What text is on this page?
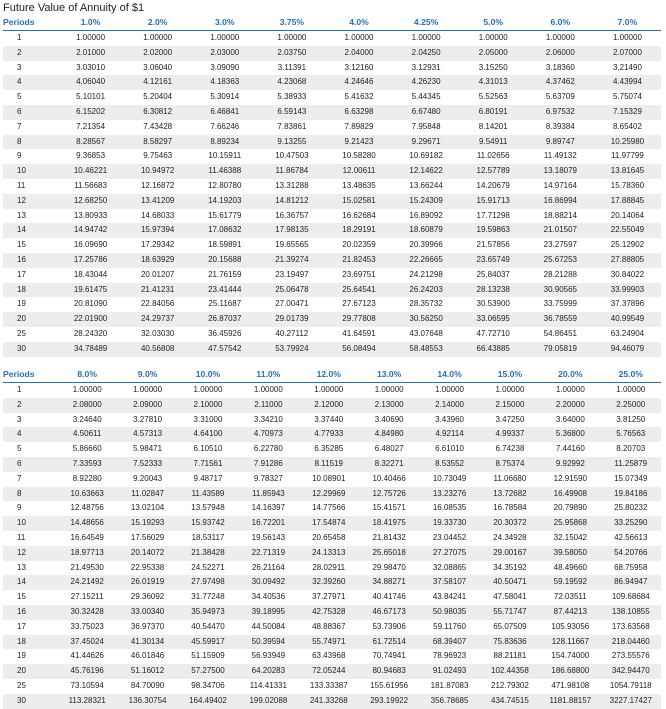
Future Value of Annuity of $1
Periods	1.0%	2.0%	3.0%	3.75%	4.0%	4.25%	5.0%	6.0%	7.0%
1	1.00000	1.00000	1.00000	1.00000	1.00000	1.00000	1.00000	1.00000	1.00000
2	2.01000	2.02000	2.03000	2.03750	2.04000	2.04250	2.05000	2.06000	2.07000
3	3.03010	3.06040	3.09090	3.11391	3.12160	3.12931	3.15250	3.18360	3.21490
4	4.06040	4.12161	4.18363	4.23068	4.24646	4.26230	4.31013	4.37462	4.43994
5	5.10101	5.20404	5.30914	5.38933	5.41632	5.44345	5.52563	5.63709	5.75074
6	6.15202	6.30812	6.46841	6.59143	6.63298	6.67480	6.80191	6.97532	7.15329
7	7.21354	7.43428	7.66246	7.83861	7.89829	7.95848	8.14201	8.39384	8.65402
8	8.28567	8.58297	8.89234	9.13255	9.21423	9.29671	9.54911	9.89747	10.25980
9	9.36853	9.75463	10.15911	10.47503	10.58280	10.69182	11.02656	11.49132	11.97799
10	10.46221	10.94972	11.46388	11.86784	12.00611	12.14622	12.57789	13.18079	13.81645
11	11.56683	12.16872	12.80780	13.31288	13.48635	13.66244	14.20679	14.97164	15.78360
12	12.68250	13.41209	14.19203	14.81212	15.02581	15.24309	15.91713	16.86994	17.88845
13	13.80933	14.68033	15.61779	16.36757	16.62684	16.89092	17.71298	18.88214	20.14064
14	14.94742	15.97394	17.08632	17.98135	18.29191	18.60879	19.59863	21.01507	22.55049
15	16.09690	17.29342	18.59891	19.65565	20.02359	20.39966	21.57856	23.27597	25.12902
16	17.25786	18.63929	20.15688	21.39274	21.82453	22.26665	23.65749	25.67253	27.88805
17	18.43044	20.01207	21.76159	23.19497	23.69751	24.21298	25.84037	28.21288	30.84022
18	19.61475	21.41231	23.41444	25.06478	25.64541	26.24203	28.13238	30.90565	33.99903
19	20.81090	22.84056	25.11687	27.00471	27.67123	28.35732	30.53900	33.75999	37.37896
20	22.01900	24.29737	26.87037	29.01739	29.77808	30.56250	33.06595	36.78559	40.99549
25	28.24320	32.03030	36.45926	40.27112	41.64591	43.07648	47.72710	54.86451	63.24904
30	34.78489	40.56808	47.57542	53.79924	56.08494	58.48553	66.43885	79.05819	94.46079
Periods	8.0%	9.0%	10.0%	11.0%	12.0%	13.0%	14.0%	15.0%	20.0%	25.0%
1	1.00000	1.00000	1.00000	1.00000	1.00000	1.00000	1.00000	1.00000	1.00000	1.00000
2	2.08000	2.09000	2.10000	2.11000	2.12000	2.13000	2.14000	2.15000	2.20000	2.25000
3	3.24640	3.27810	3.31000	3.34210	3.37440	3.40690	3.43960	3.47250	3.64000	3.81250
4	4.50611	4.57313	4.64100	4.70973	4.77933	4.84980	4.92114	4.99337	5.36800	5.76563
5	5.86660	5.98471	6.10510	6.22780	6.35285	6.48027	6.61010	6.74238	7.44160	8.20703
6	7.33593	7.52333	7.71561	7.91286	8.11519	8.32271	8.53552	8.75374	9.92992	11.25879
7	8.92280	9.20043	9.48717	9.78327	10.08901	10.40466	10.73049	11.06680	12.91590	15.07349
8	10.63663	11.02847	11.43589	11.85943	12.29969	12.75726	13.23276	13.72682	16.49908	19.84186
9	12.48756	13.02104	13.57948	14.16397	14.77566	15.41571	16.08535	16.78584	20.79890	25.80232
10	14.48656	15.19293	15.93742	16.72201	17.54874	18.41975	19.33730	20.30372	25.95868	33.25290
11	16.64549	17.56029	18.53117	19.56143	20.65458	21.81432	23.04452	24.34928	32.15042	42.56613
12	18.97713	20.14072	21.38428	22.71319	24.13313	25.65018	27.27075	29.00167	39.58050	54.20766
13	21.49530	22.95338	24.52271	26.21164	28.02911	29.98470	32.08865	34.35192	48.49660	68.75958
14	24.21492	26.01919	27.97498	30.09492	32.39260	34.88271	37.58107	40.50471	59.19592	86.94947
15	27.15211	29.36092	31.77248	34.40536	37.27971	40.41746	43.84241	47.58041	72.03511	109.68684
16	30.32428	33.00340	35.94973	39.18995	42.75328	46.67173	50.98035	55.71747	87.44213	138.10855
17	33.75023	36.97370	40.54470	44.50084	48.88367	53.73906	59.11760	65.07509	105.93056	173.63568
18	37.45024	41.30134	45.59917	50.39594	55.74971	61.72514	68.39407	75.83636	128.11667	218.04460
19	41.44626	46.01846	51.15909	56.93949	63.43968	70.74941	78.96923	88.21181	154.74000	273.55576
20	45.76196	51.16012	57.27500	64.20283	72.05244	80.94683	91.02493	102.44358	186.68800	342.94470
25	73.10594	84.70090	98.34706	114.41331	133.33387	155.61956	181.87083	212.79302	471.98108	1054.79118
30	113.28321	136.30754	164.49402	199.02088	241.33268	293.19922	356.78685	434.74515	1181.88157	3227.17427
